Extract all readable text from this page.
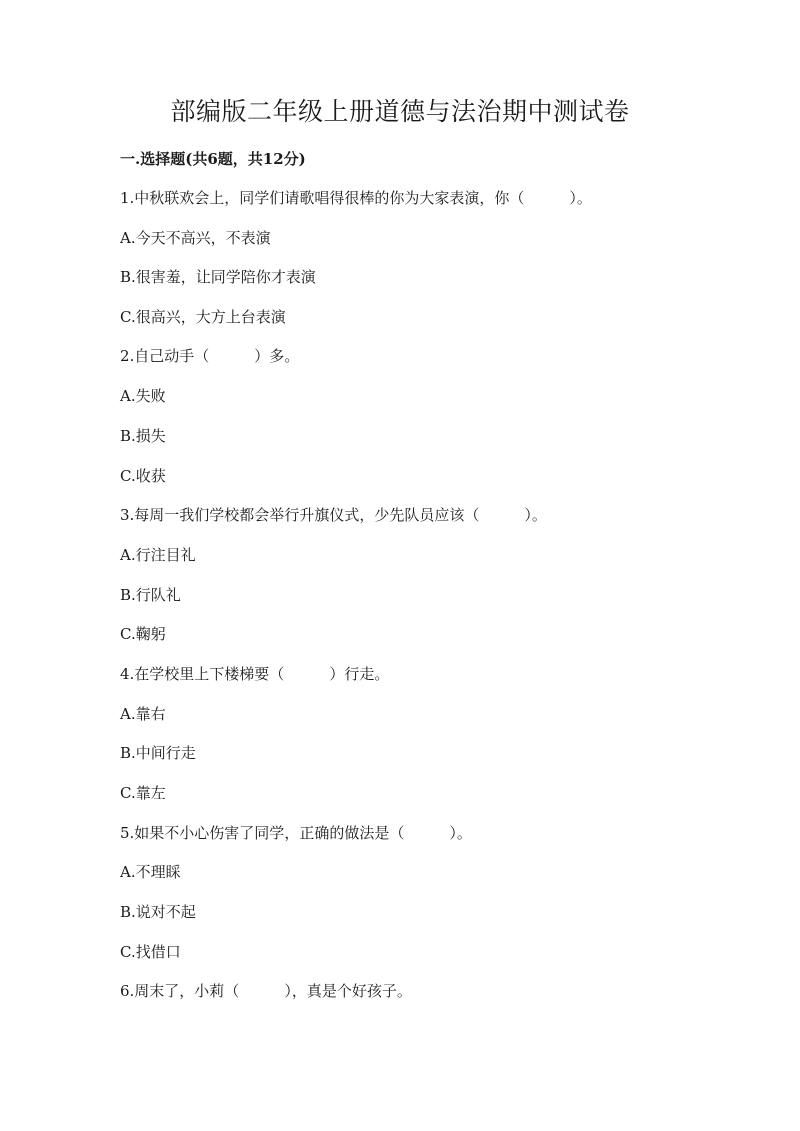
部编版二年级上册道德与法治期中测试卷
一.选择题(共6题，共12分)
1.中秋联欢会上，同学们请歌唱得很棒的你为大家表演，你（　　　）。
A.今天不高兴，不表演
B.很害羞，让同学陪你才表演
C.很高兴，大方上台表演
2.自己动手（　　　）多。
A.失败
B.损失
C.收获
3.每周一我们学校都会举行升旗仪式，少先队员应该（　　　）。
A.行注目礼
B.行队礼
C.鞠躬
4.在学校里上下楼梯要（　　　）行走。
A.靠右
B.中间行走
C.靠左
5.如果不小心伤害了同学，正确的做法是（　　　）。
A.不理睬
B.说对不起
C.找借口
6.周末了，小莉（　　　），真是个好孩子。
